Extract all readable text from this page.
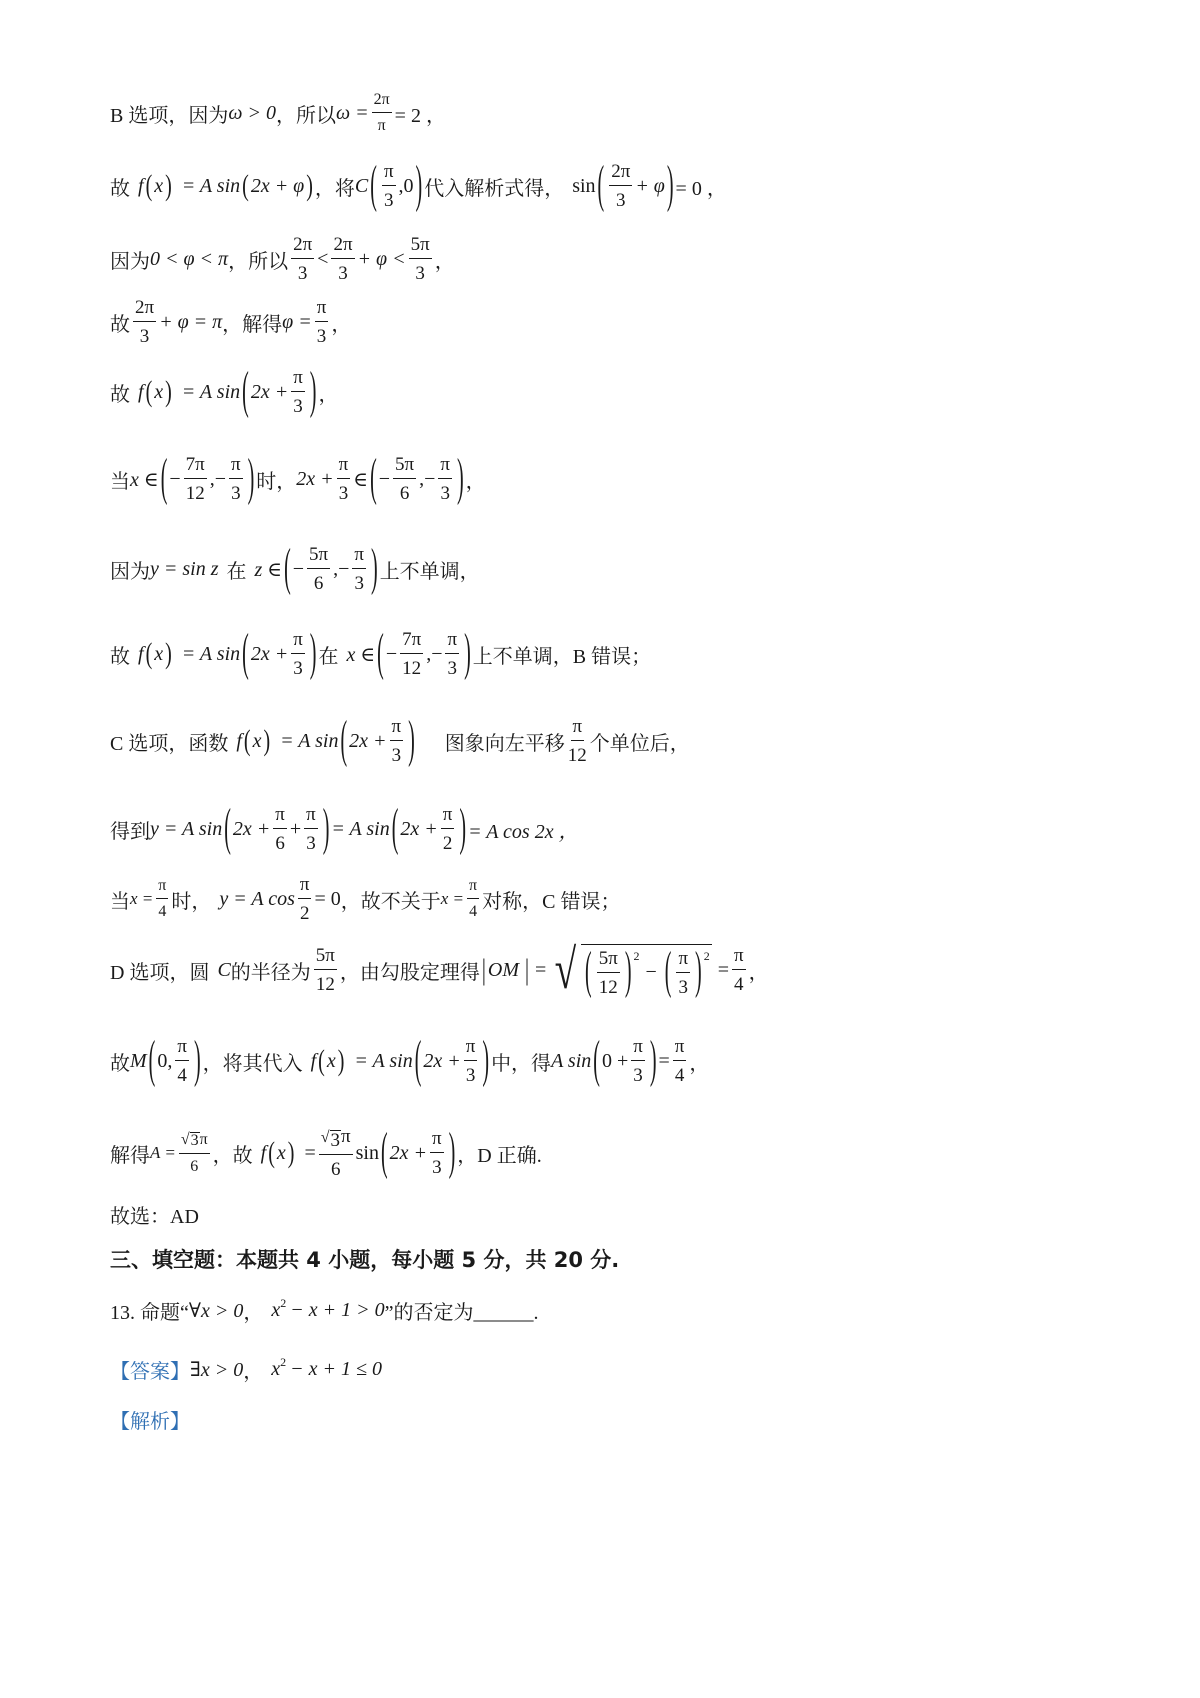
B 选项，因为 ω > 0 ，所以 $\omega = \frac{2\pi}{\pi} = 2$ ，
故 f ( x ) = A sin ( 2x + φ ) ，将 C ( $\frac{\pi}{3} ,0$ ) 代入解析式得， sin ( $\frac{2\pi}{3} + \varphi$ ) = 0 ，
因为 0 < φ < π ，所以 $\frac{2\pi}{3} < \frac{2\pi}{3} + \varphi < \frac{5\pi}{3}$ ，
故 $\frac{2\pi}{3} + \varphi = \pi$ ，解得 $\varphi = \frac{\pi}{3}$ ，
故 f ( x ) = A sin ( $2x + \frac{\pi}{3}$ ) ，
当 x ∈ ( − $\frac{7\pi}{12}$ ,− $\frac{\pi}{3}$ ) 时， $2x + \frac{\pi}{3}$ ∈ ( − $\frac{5\pi}{6}$ ,− $\frac{\pi}{3}$ ) ，
因为 y = sin z 在 z ∈ ( − $\frac{5\pi}{6}$ ,− $\frac{\pi}{3}$ ) 上不单调，
故 f ( x ) = A sin ( $2x + \frac{\pi}{3}$ ) 在 x ∈ ( − $\frac{7\pi}{12}$ ,− $\frac{\pi}{3}$ ) 上不单调，B 错误；
C 选项，函数 f ( x ) = A sin ( $2x + \frac{\pi}{3}$ ) 图象向左平移 $\frac{\pi}{12}$ 个单位后，
得到 y = A sin ( $2x + \frac{\pi}{6} + \frac{\pi}{3}$ ) = A sin ( $2x + \frac{\pi}{2}$ ) = A cos 2x ，
当 $x = \frac{\pi}{4}$ 时， y = A $\cos \frac{\pi}{2} = 0$ ，故不关于 $x = \frac{\pi}{4}$ 对称，C 错误；
D 选项，圆 C 的半径为 $\frac{5\pi}{12}$ ，由勾股定理得 | OM | = √ ( $\frac{5\pi}{12} )^2$
− ( $\frac{\pi}{3} )^2$
= $\frac{\pi}{4}$ ，
故 M ( 0, $\frac{\pi}{4}$ ) ，将其代入 f ( x ) = A sin ( $2x + \frac{\pi}{3}$ ) 中，得 A sin ( $0 + \frac{\pi}{3}$ ) = $\frac{\pi}{4}$ ，
解得 $A = \frac{√ 3 \pi}{6}$ ，故 f ( x ) = $\frac{√ 3 \pi}{6}$ sin ( $2x + \frac{\pi}{3}$ ) ，D 正确.
故选：AD
三、填空题：本题共 4 小题，每小题 5 分，共 20 分.
13. 命题“ ∀x > 0 ， $x^2 - x + 1 > 0$ ”的否定为______.
【答案】 ∃x > 0 ， $x^2 - x + 1 \le 0$
【解析】
